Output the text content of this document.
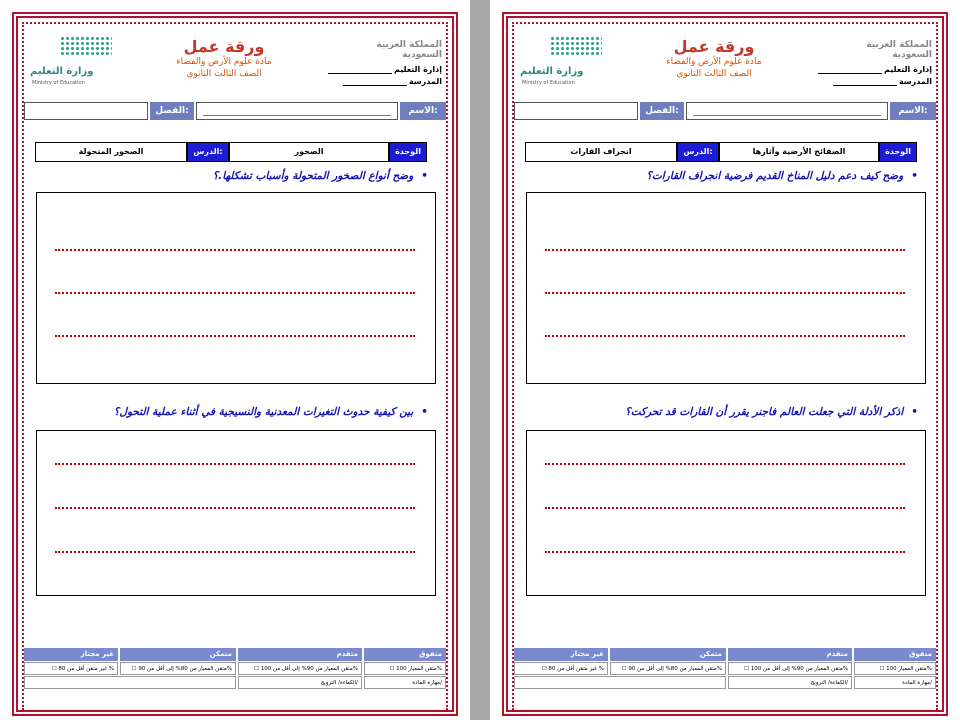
وزارة التعليم
Ministry of Education
ورقة عمل
مادة علوم الأرض والفضاء
الصف الثالث الثانوي
المملكة العربية السعودية
إدارة التعليم
المدرسة
الفصل:	الاسم:
الصخور المتحولة	الدرس:	الصخور	الوحدة
•وضح أنواع الصخور المتحولة وأسباب تشكلها.؟
•بين كيفية حدوث التغيرات المعدنية والنسيجية في أثناء عملية التحول؟
غير مجتاز	متمكن	متقدم	متفوق
☐ غير متقن أقل من 80 %	☐ متقن المعيار من 80% إلى أقل من 90%	☐ متقن المعيار من 90% إلى أقل من 100%	☐ متقن المعيار 100%
الكفاءة/ الترويج/	مهارة المادة/
وزارة التعليم
Ministry of Education
ورقة عمل
مادة علوم الأرض والفضاء
الصف الثالث الثانوي
المملكة العربية السعودية
إدارة التعليم
المدرسة
الفصل:	الاسم:
انجراف القارات	الدرس:	الصفائح الأرضية وآثارها	الوحدة
•وضح كيف دعم دليل المناخ القديم فرضية انجراف القارات؟
•اذكر الأدلة التي جعلت العالم فاجنر يقرر أن القارات قد تحركت؟
غير مجتاز	متمكن	متقدم	متفوق
☐ غير متقن أقل من 80 %	☐ متقن المعيار من 80% إلى أقل من 90%	☐ متقن المعيار من 90% إلى أقل من 100%	☐ متقن المعيار 100%
الكفاءة/ الترويج/	مهارة المادة/
